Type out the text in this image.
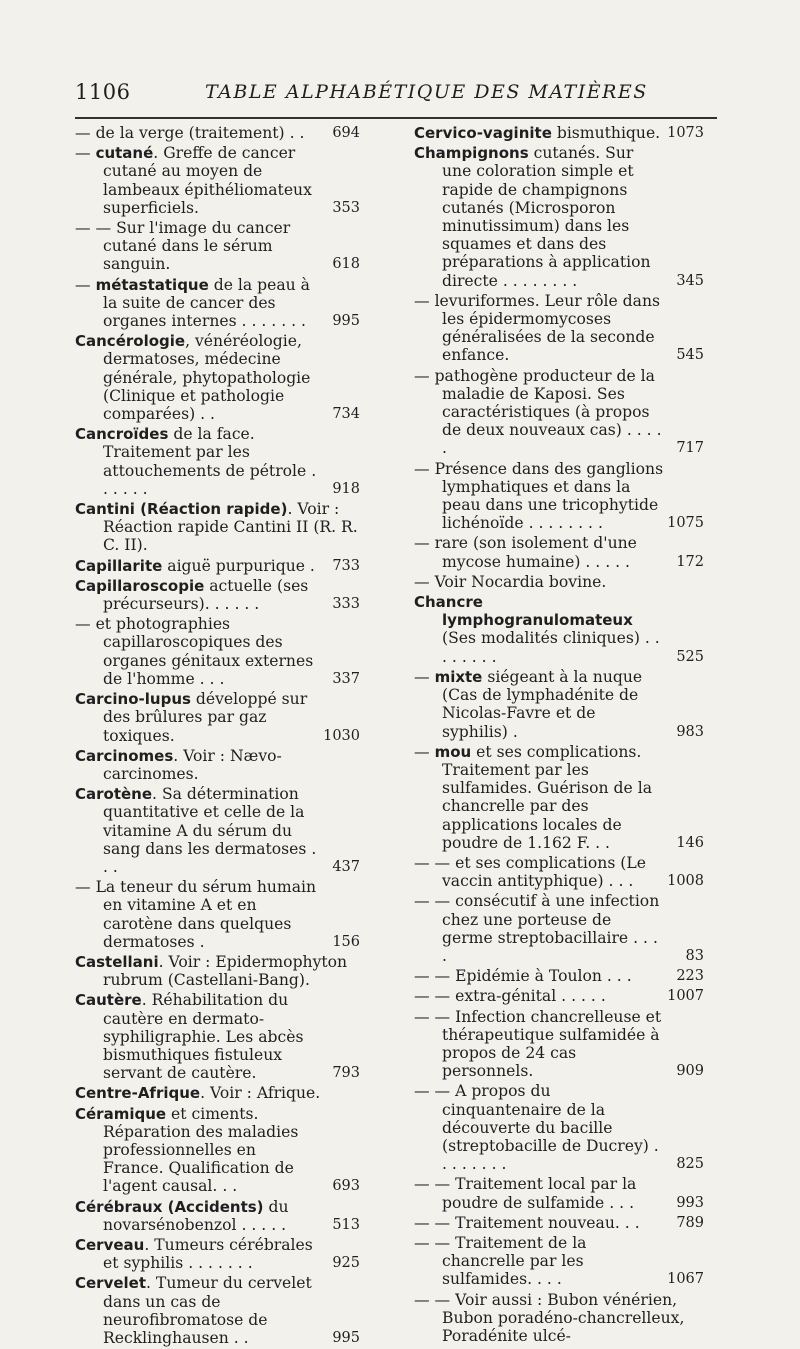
1106	TABLE ALPHABÉTIQUE DES MATIÈRES
— de la verge (traitement) . .	694
— cutané. Greffe de cancer cutané au moyen de lambeaux épithéliomateux superficiels.	353
— — Sur l'image du cancer cutané dans le sérum sanguin.	618
— métastatique de la peau à la suite de cancer des organes internes . . . . . . .	995
Cancérologie, vénéréologie, dermatoses, médecine générale, phytopathologie (Clinique et pathologie comparées) . .	734
Cancroïdes de la face. Traitement par les attouchements de pétrole . . . . . .	918
Cantini (Réaction rapide). Voir : Réaction rapide Cantini II (R. R. C. II).
Capillarite aiguë purpurique .	733
Capillaroscopie actuelle (ses précurseurs). . . . . .	333
— et photographies capillaroscopiques des organes génitaux externes de l'homme . . .	337
Carcino-lupus développé sur des brûlures par gaz toxiques.	1030
Carcinomes. Voir : Nævo-carcinomes.
Carotène. Sa détermination quantitative et celle de la vitamine A du sérum du sang dans les dermatoses . . .	437
— La teneur du sérum humain en vitamine A et en carotène dans quelques dermatoses .	156
Castellani. Voir : Epidermophyton rubrum (Castellani-Bang).
Cautère. Réhabilitation du cautère en dermato-syphiligraphie. Les abcès bismuthiques fistuleux servant de cautère.	793
Centre-Afrique. Voir : Afrique.
Céramique et ciments. Réparation des maladies professionnelles en France. Qualification de l'agent causal. . .	693
Cérébraux (Accidents) du novarsénobenzol . . . . .	513
Cerveau. Tumeurs cérébrales et syphilis . . . . . . .	925
Cervelet. Tumeur du cervelet dans un cas de neurofibromatose de Recklinghausen . .	995
Cervico-vaginite bismuthique. 1073
Champignons cutanés. Sur une coloration simple et rapide de champignons cutanés (Microsporon minutissimum) dans les squames et dans des préparations à application directe . . . . . . . .	345
— levuriformes. Leur rôle dans les épidermomycoses généralisées de la seconde enfance.	545
— pathogène producteur de la maladie de Kaposi. Ses caractéristiques (à propos de deux nouveaux cas) . . . . .	717
— Présence dans des ganglions lymphatiques et dans la peau dans une tricophytide lichénoïde . . . . . . . .	1075
— rare (son isolement d'une mycose humaine) . . . . .	172
— Voir Nocardia bovine.
Chancre lymphogranulomateux (Ses modalités cliniques) . . . . . . . .	525
— mixte siégeant à la nuque (Cas de lymphadénite de Nicolas-Favre et de syphilis) .	983
— mou et ses complications. Traitement par les sulfamides. Guérison de la chancrelle par des applications locales de poudre de 1.162 F. . .	146
— — et ses complications (Le vaccin antityphique) . . .	1008
— — consécutif à une infection chez une porteuse de germe streptobacillaire . . . .	83
— — Epidémie à Toulon . . .	223
— — extra-génital . . . . .	1007
— — Infection chancrelleuse et thérapeutique sulfamidée à propos de 24 cas personnels.	909
— — A propos du cinquantenaire de la découverte du bacille (streptobacille de Ducrey) . . . . . . . .	825
— — Traitement local par la poudre de sulfamide . . .	993
— — Traitement nouveau. . .	789
— — Traitement de la chancrelle par les sulfamides. . . .	1067
— — Voir aussi : Bubon vénérien, Bubon poradéno-chancrelleux, Poradénite ulcé-
